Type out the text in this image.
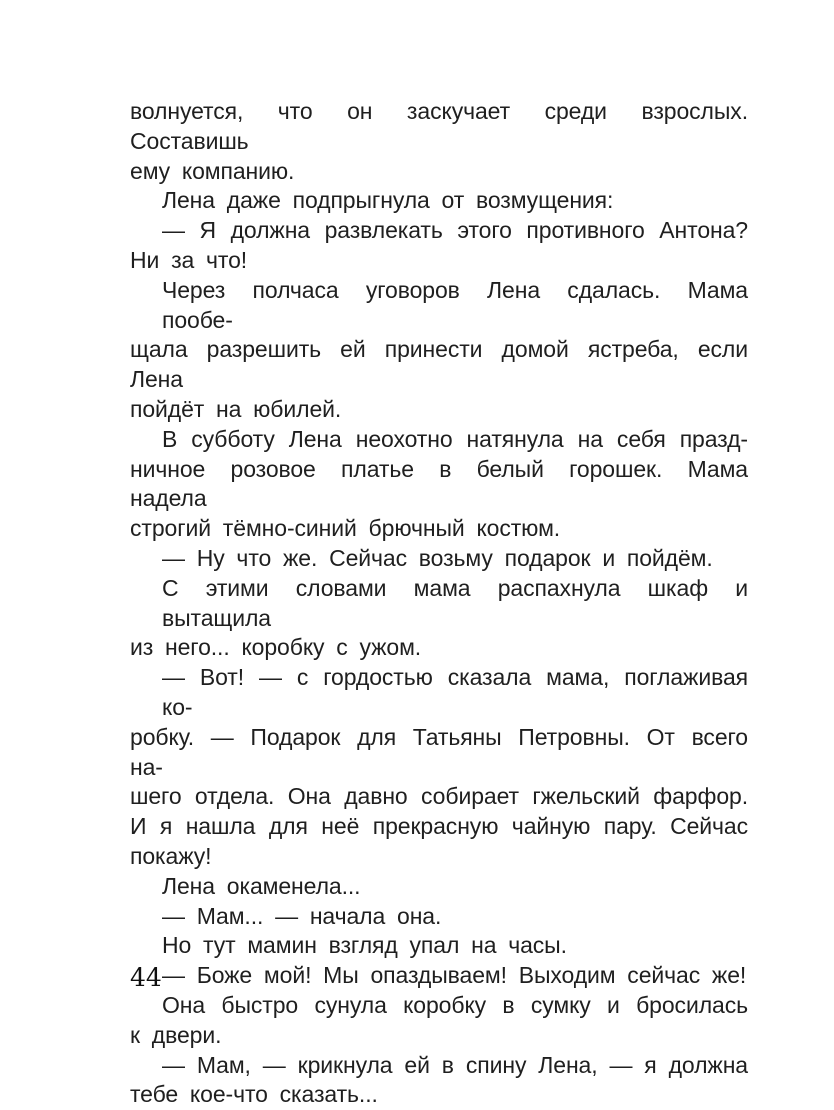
волнуется, что он заскучает среди взрослых. Составишь
ему компанию.
Лена даже подпрыгнула от возмущения:
— Я должна развлекать этого противного Антона?
Ни за что!
Через полчаса уговоров Лена сдалась. Мама пообе-
щала разрешить ей принести домой ястреба, если Лена
пойдёт на юбилей.
В субботу Лена неохотно натянула на себя празд-
ничное розовое платье в белый горошек. Мама надела
строгий тёмно-синий брючный костюм.
— Ну что же. Сейчас возьму подарок и пойдём.
С этими словами мама распахнула шкаф и вытащила
из него... коробку с ужом.
— Вот! — с гордостью сказала мама, поглаживая ко-
робку. — Подарок для Татьяны Петровны. От всего на-
шего отдела. Она давно собирает гжельский фарфор.
И я нашла для неё прекрасную чайную пару. Сейчас
покажу!
Лена окаменела...
— Мам... — начала она.
Но тут мамин взгляд упал на часы.
— Боже мой! Мы опаздываем! Выходим сейчас же!
Она быстро сунула коробку в сумку и бросилась
к двери.
— Мам, — крикнула ей в спину Лена, — я должна
тебе кое-что сказать...
44
